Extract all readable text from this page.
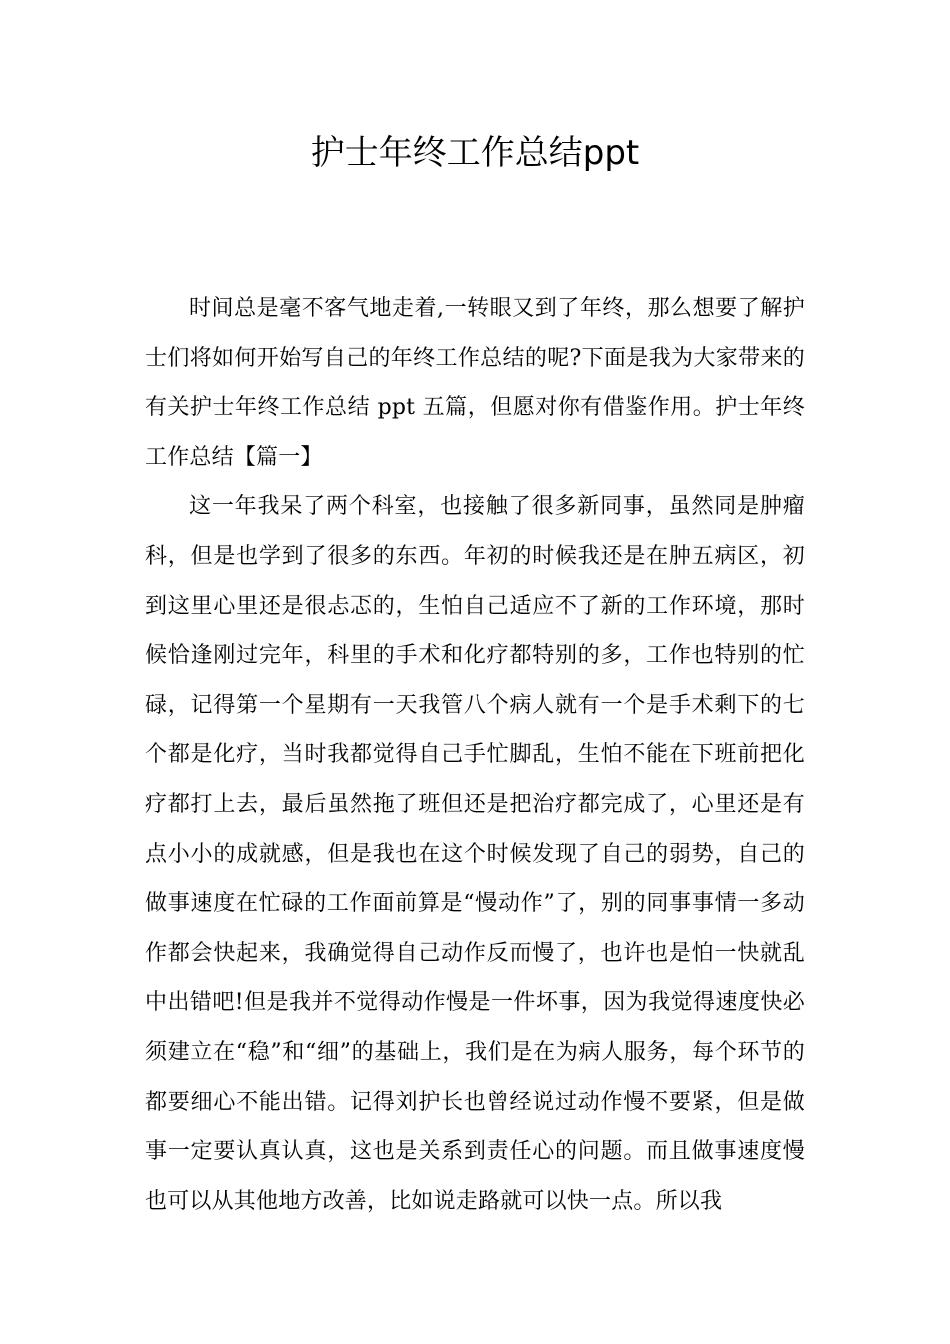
护士年终工作总结ppt

时间总是毫不客气地走着,一转眼又到了年终，那么想要了解护士们将如何开始写自己的年终工作总结的呢?下面是我为大家带来的有关护士年终工作总结 ppt 五篇，但愿对你有借鉴作用。护士年终工作总结【篇一】

这一年我呆了两个科室，也接触了很多新同事，虽然同是肿瘤科，但是也学到了很多的东西。年初的时候我还是在肿五病区，初到这里心里还是很忐忑的，生怕自己适应不了新的工作环境，那时候恰逢刚过完年，科里的手术和化疗都特别的多，工作也特别的忙碌，记得第一个星期有一天我管八个病人就有一个是手术剩下的七个都是化疗，当时我都觉得自己手忙脚乱，生怕不能在下班前把化疗都打上去，最后虽然拖了班但还是把治疗都完成了，心里还是有点小小的成就感，但是我也在这个时候发现了自己的弱势，自己的做事速度在忙碌的工作面前算是“慢动作”了，别的同事事情一多动作都会快起来，我确觉得自己动作反而慢了，也许也是怕一快就乱中出错吧!但是我并不觉得动作慢是一件坏事，因为我觉得速度快必须建立在“稳”和“细”的基础上，我们是在为病人服务，每个环节的都要细心不能出错。记得刘护长也曾经说过动作慢不要紧，但是做事一定要认真认真，这也是关系到责任心的问题。而且做事速度慢也可以从其他地方改善，比如说走路就可以快一点。所以我
